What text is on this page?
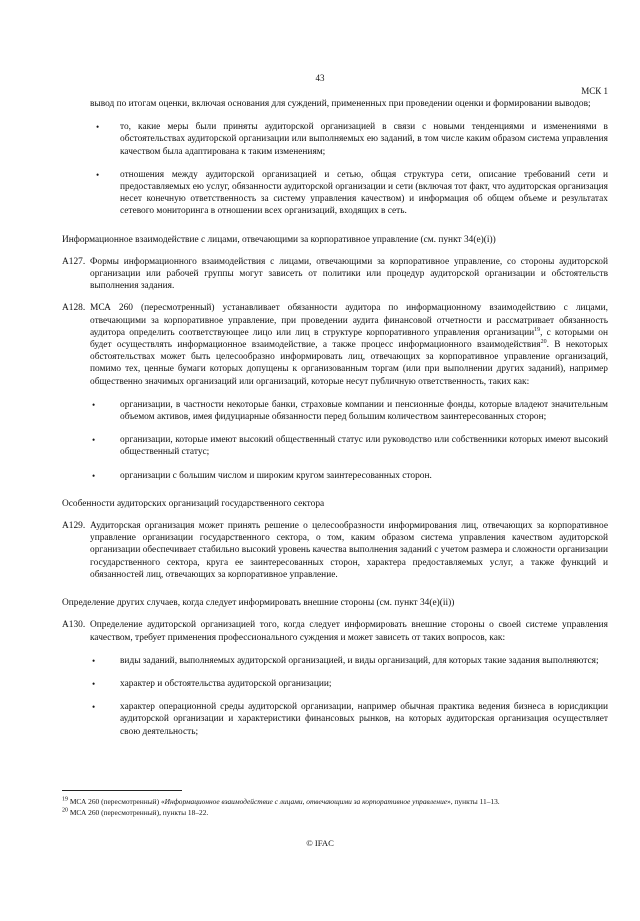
43
МСК 1
вывод по итогам оценки, включая основания для суждений, примененных при проведении оценки и формировании выводов;
• то, какие меры были приняты аудиторской организацией в связи с новыми тенденциями и изменениями в обстоятельствах аудиторской организации или выполняемых ею заданий, в том числе каким образом система управления качеством была адаптирована к таким изменениям;
• отношения между аудиторской организацией и сетью, общая структура сети, описание требований сети и предоставляемых ею услуг, обязанности аудиторской организации и сети (включая тот факт, что аудиторская организация несет конечную ответственность за систему управления качеством) и информация об общем объеме и результатах сетевого мониторинга в отношении всех организаций, входящих в сеть.
Информационное взаимодействие с лицами, отвечающими за корпоративное управление (см. пункт 34(e)(i))
A127. Формы информационного взаимодействия с лицами, отвечающими за корпоративное управление, со стороны аудиторской организации или рабочей группы могут зависеть от политики или процедур аудиторской организации и обстоятельств выполнения задания.
A128. МСА 260 (пересмотренный) устанавливает обязанности аудитора по информационному взаимодействию с лицами, отвечающими за корпоративное управление, при проведении аудита финансовой отчетности и рассматривает обязанность аудитора определить соответствующее лицо или лиц в структуре корпоративного управления организации$^{19}$, с которыми он будет осуществлять информационное взаимодействие, а также процесс информационного взаимодействия$^{20}$. В некоторых обстоятельствах может быть целесообразно информировать лиц, отвечающих за корпоративное управление организаций, помимо тех, ценные бумаги которых допущены к организованным торгам (или при выполнении других заданий), например общественно значимых организаций или организаций, которые несут публичную ответственность, таких как:
•	организации, в частности некоторые банки, страховые компании и пенсионные фонды, которые владеют значительным объемом активов, имея фидуциарные обязанности перед большим количеством заинтересованных сторон;
•	организации, которые имеют высокий общественный статус или руководство или собственники которых имеют высокий общественный статус;
•	организации с большим числом и широким кругом заинтересованных сторон.
Особенности аудиторских организаций государственного сектора
A129. Аудиторская организация может принять решение о целесообразности информирования лиц, отвечающих за корпоративное управление организации государственного сектора, о том, каким образом система управления качеством аудиторской организации обеспечивает стабильно высокий уровень качества выполнения заданий с учетом размера и сложности организации государственного сектора, круга ее заинтересованных сторон, характера предоставляемых услуг, а также функций и обязанностей лиц, отвечающих за корпоративное управление.
Определение других случаев, когда следует информировать внешние стороны (см. пункт 34(e)(ii))
A130. Определение аудиторской организацией того, когда следует информировать внешние стороны о своей системе управления качеством, требует применения профессионального суждения и может зависеть от таких вопросов, как:
•	виды заданий, выполняемых аудиторской организацией, и виды организаций, для которых такие задания выполняются;
•	характер и обстоятельства аудиторской организации;
•	характер операционной среды аудиторской организации, например обычная практика ведения бизнеса в юрисдикции аудиторской организации и характеристики финансовых рынков, на которых аудиторская организация осуществляет свою деятельность;
$^{19}$ МСА 260 (пересмотренный) «Информационное взаимодействие с лицами, отвечающими за корпоративное управление», пункты 11–13.
$^{20}$ МСА 260 (пересмотренный), пункты 18–22.
© IFAC
